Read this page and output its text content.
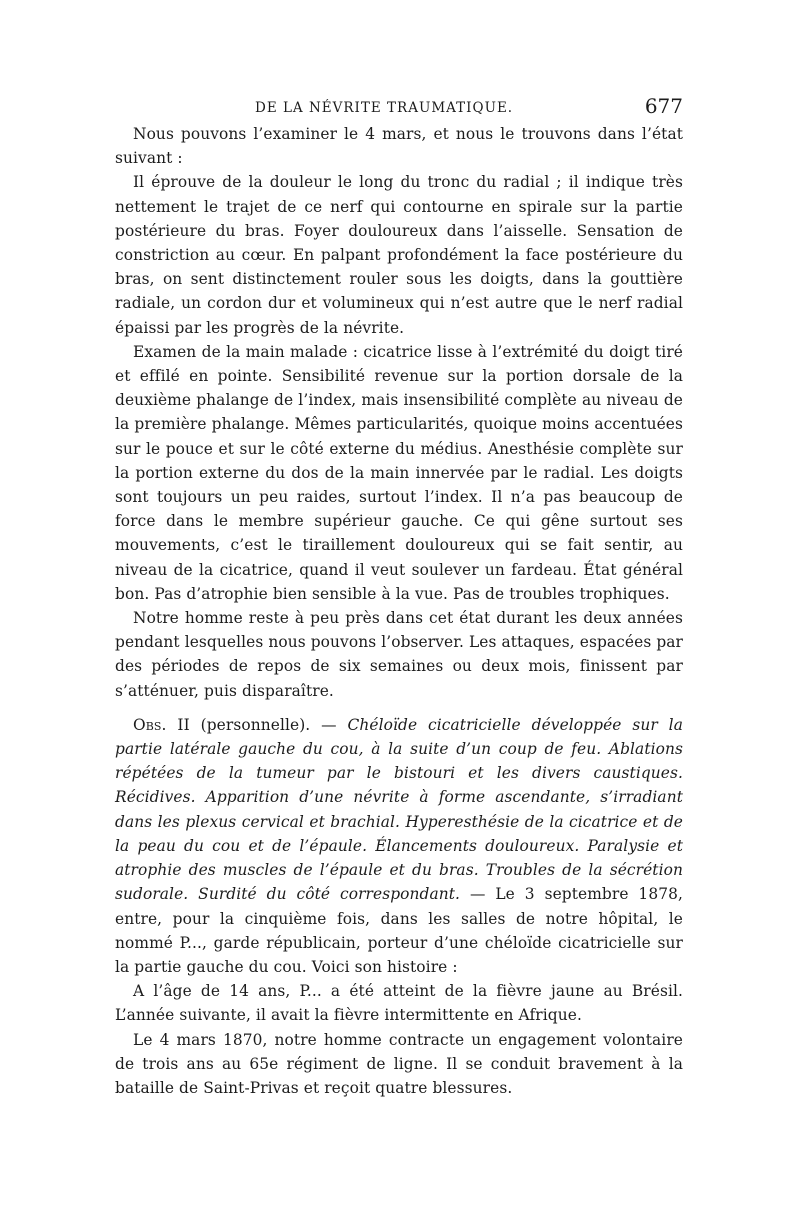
DE LA NÉVRITE TRAUMATIQUE.	677

Nous pouvons l’examiner le 4 mars, et nous le trouvons dans l’état suivant :

Il éprouve de la douleur le long du tronc du radial ; il indique très nettement le trajet de ce nerf qui contourne en spirale sur la partie postérieure du bras. Foyer douloureux dans l’aisselle. Sensation de constriction au cœur. En palpant profondément la face postérieure du bras, on sent distinctement rouler sous les doigts, dans la gouttière radiale, un cordon dur et volumineux qui n’est autre que le nerf radial épaissi par les progrès de la névrite.

Examen de la main malade : cicatrice lisse à l’extrémité du doigt tiré et effilé en pointe. Sensibilité revenue sur la portion dorsale de la deuxième phalange de l’index, mais insensibilité complète au niveau de la première phalange. Mêmes particularités, quoique moins accentuées sur le pouce et sur le côté externe du médius. Anesthésie complète sur la portion externe du dos de la main innervée par le radial. Les doigts sont toujours un peu raides, surtout l’index. Il n’a pas beaucoup de force dans le membre supérieur gauche. Ce qui gêne surtout ses mouvements, c’est le tiraillement douloureux qui se fait sentir, au niveau de la cicatrice, quand il veut soulever un fardeau. État général bon. Pas d’atrophie bien sensible à la vue. Pas de troubles trophiques.

Notre homme reste à peu près dans cet état durant les deux années pendant lesquelles nous pouvons l’observer. Les attaques, espacées par des périodes de repos de six semaines ou deux mois, finissent par s’atténuer, puis disparaître.

Obs. II (personnelle). — Chéloïde cicatricielle développée sur la partie latérale gauche du cou, à la suite d’un coup de feu. Ablations répétées de la tumeur par le bistouri et les divers caustiques. Récidives. Apparition d’une névrite à forme ascendante, s’irradiant dans les plexus cervical et brachial. Hyperesthésie de la cicatrice et de la peau du cou et de l’épaule. Élancements douloureux. Paralysie et atrophie des muscles de l’épaule et du bras. Troubles de la sécrétion sudorale. Surdité du côté correspondant. — Le 3 septembre 1878, entre, pour la cinquième fois, dans les salles de notre hôpital, le nommé P..., garde républicain, porteur d’une chéloïde cicatricielle sur la partie gauche du cou. Voici son histoire :

A l’âge de 14 ans, P... a été atteint de la fièvre jaune au Brésil. L’année suivante, il avait la fièvre intermittente en Afrique.

Le 4 mars 1870, notre homme contracte un engagement volontaire de trois ans au 65e régiment de ligne. Il se conduit bravement à la bataille de Saint-Privas et reçoit quatre blessures.
